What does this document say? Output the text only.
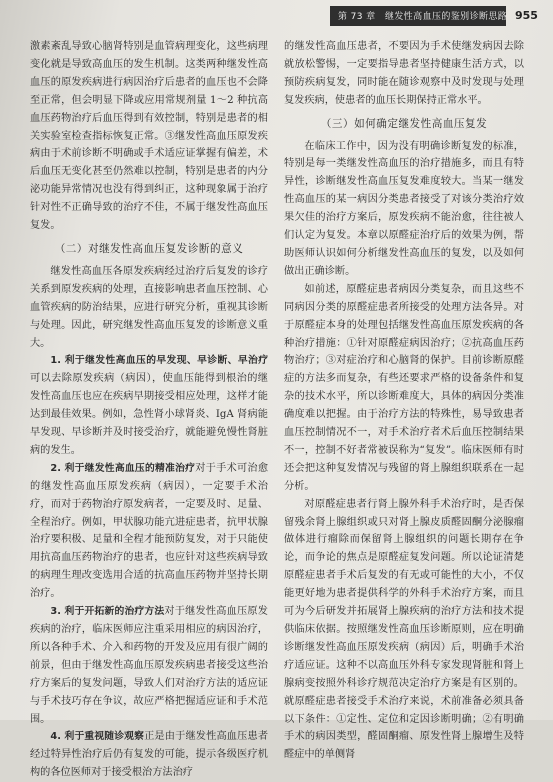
第 73 章　继发性高血压的鉴别诊断思路 955

激素紊乱导致心脑肾特别是血管病理变化，这些病理变化就是导致高血压的发生机制。这类两种继发性高血压的原发疾病进行病因治疗后患者的血压也不会降至正常，但会明显下降或应用常规剂量 1～2 种抗高血压药物治疗后血压得到有效控制，特别是患者的相关实验室检查指标恢复正常。③继发性高血压原发疾病由于术前诊断不明确或手术适应证掌握有偏差，术后血压无变化甚至仍然难以控制，特别是患者的内分泌功能异常情况也没有得到纠正，这种现象属于治疗针对性不正确导致的治疗不佳，不属于继发性高血压复发。

（二）对继发性高血压复发诊断的意义

继发性高血压各原发疾病经过治疗后复发的诊疗关系到原发疾病的处理，直接影响患者血压控制、心血管疾病的防治结果，应进行研究分析，重视其诊断与处理。因此，研究继发性高血压复发的诊断意义重大。

1. 利于继发性高血压的早发现、早诊断、早治疗可以去除原发疾病（病因），使血压能得到根治的继发性高血压也应在疾病早期接受相应处理，这样才能达到最佳效果。例如，急性肾小球肾炎、IgA 肾病能早发现、早诊断并及时接受治疗，就能避免慢性肾脏病的发生。

2. 利于继发性高血压的精准治疗对于手术可治愈的继发性高血压原发疾病（病因），一定要手术治疗，而对于药物治疗原发病者，一定要及时、足量、全程治疗。例如，甲状腺功能亢进症患者，抗甲状腺治疗要积极、足量和全程才能预防复发，对于只能使用抗高血压药物治疗的患者，也应针对这些疾病导致的病理生理改变选用合适的抗高血压药物并坚持长期治疗。

3. 利于开拓新的治疗方法对于继发性高血压原发疾病的治疗，临床医师应注重采用相应的病因治疗，所以各种手术、介入和药物的开发及应用有很广阔的前景，但由于继发性高血压原发疾病患者接受这些治疗方案后的复发问题，导致人们对治疗方法的适应证与手术技巧存在争议，故应严格把握适应证和手术范围。

4. 利于重视随诊观察正是由于继发性高血压患者经过特异性治疗后仍有复发的可能，提示各级医疗机构的各位医师对于接受根治方法治疗

的继发性高血压患者，不要因为手术使继发病因去除就放松警惕，一定要指导患者坚持健康生活方式，以预防疾病复发，同时能在随诊观察中及时发现与处理复发疾病，使患者的血压长期保持正常水平。

（三）如何确定继发性高血压复发

在临床工作中，因为没有明确诊断复发的标准，特别是每一类继发性高血压的治疗措施多，而且有特异性，诊断继发性高血压复发难度较大。当某一继发性高血压的某一病因分类患者接受了对该分类治疗效果欠佳的治疗方案后，原发疾病不能治愈，往往被人们认定为复发。本章以原醛症治疗后的效果为例，帮助医师认识如何分析继发性高血压的复发，以及如何做出正确诊断。

如前述，原醛症患者病因分类复杂，而且这些不同病因分类的原醛症患者所接受的处理方法各异。对于原醛症本身的处理包括继发性高血压原发疾病的各种治疗措施：①针对原醛症病因治疗；②抗高血压药物治疗；③对症治疗和心脑肾的保护。目前诊断原醛症的方法多而复杂，有些还要求严格的设备条件和复杂的技术水平，所以诊断难度大，具体的病因分类准确度难以把握。由于治疗方法的特殊性，易导致患者血压控制情况不一，对手术治疗者术后血压控制结果不一，控制不好者常被误称为“复发”。临床医师有时还会把这种复发情况与残留的肾上腺组织联系在一起分析。

对原醛症患者行肾上腺外科手术治疗时，是否保留残余肾上腺组织或只对肾上腺皮质醛固酮分泌腺瘤做体进行瘤除而保留肾上腺组织的问题长期存在争论，而争论的焦点是原醛症复发问题。所以论证清楚原醛症患者手术后复发的有无或可能性的大小，不仅能更好地为患者提供科学的外科手术治疗方案，而且可为今后研发并拓展肾上腺疾病的治疗方法和技术提供临床依据。按照继发性高血压诊断原则，应在明确诊断继发性高血压原发疾病（病因）后，明确手术治疗适应证。这种不以高血压外科专家发现肾脏和肾上腺病变按照外科诊疗规范决定治疗方案是有区别的。就原醛症患者接受手术治疗来说，术前准备必须具备以下条件：①定性、定位和定因诊断明确；②有明确手术的病因类型，醛固酮瘤、原发性肾上腺增生及特醛症中的单侧肾
